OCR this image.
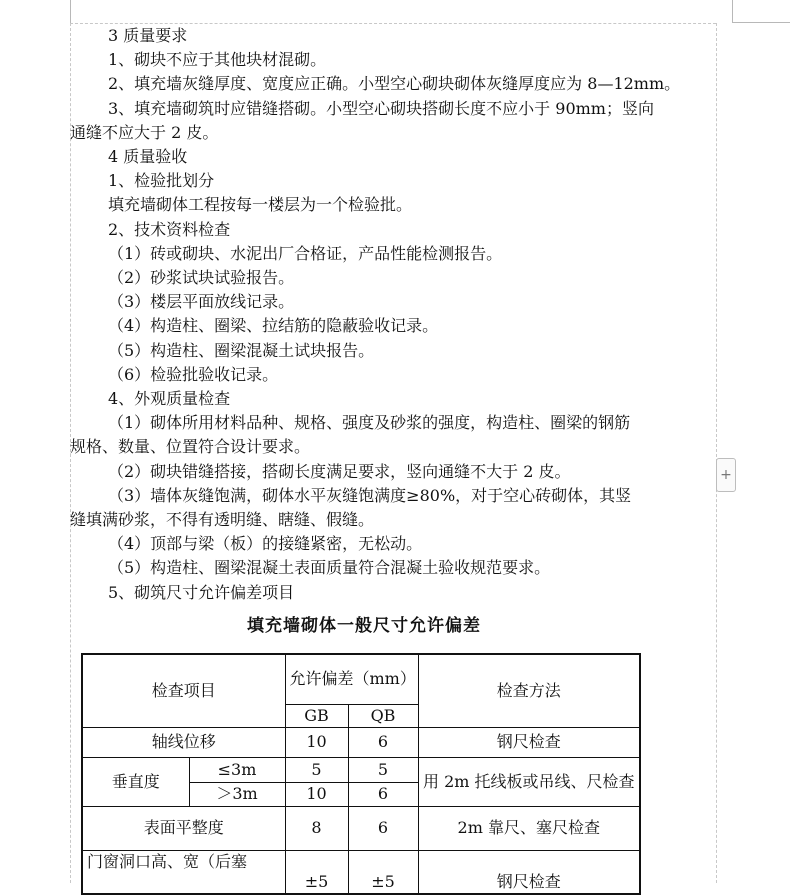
3 质量要求
1、砌块不应于其他块材混砌。
2、填充墙灰缝厚度、宽度应正确。小型空心砌块砌体灰缝厚度应为 8—12mm。
3、填充墙砌筑时应错缝搭砌。小型空心砌块搭砌长度不应小于 90mm；竖向
通缝不应大于 2 皮。
4 质量验收
1、检验批划分
填充墙砌体工程按每一楼层为一个检验批。
2、技术资料检查
（1）砖或砌块、水泥出厂合格证，产品性能检测报告。
（2）砂浆试块试验报告。
（3）楼层平面放线记录。
（4）构造柱、圈梁、拉结筋的隐蔽验收记录。
（5）构造柱、圈梁混凝土试块报告。
（6）检验批验收记录。
4、外观质量检查
（1）砌体所用材料品种、规格、强度及砂浆的强度，构造柱、圈梁的钢筋
规格、数量、位置符合设计要求。
（2）砌块错缝搭接，搭砌长度满足要求，竖向通缝不大于 2 皮。
（3）墙体灰缝饱满，砌体水平灰缝饱满度≥80%，对于空心砖砌体，其竖
缝填满砂浆，不得有透明缝、瞎缝、假缝。
（4）顶部与梁（板）的接缝紧密，无松动。
（5）构造柱、圈梁混凝土表面质量符合混凝土验收规范要求。
5、砌筑尺寸允许偏差项目
填充墙砌体一般尺寸允许偏差
检查项目		允许偏差（mm）		检查方法
		GB	QB	
轴线位移		10	6	钢尺检查
垂直度	≤3m	5	5	用 2m 托线板或吊线、尺检查
	＞3m	10	6	
表面平整度		8	6	2m 靠尺、塞尺检查
门窗洞口高、宽（后塞		±5	±5	钢尺检查
+
